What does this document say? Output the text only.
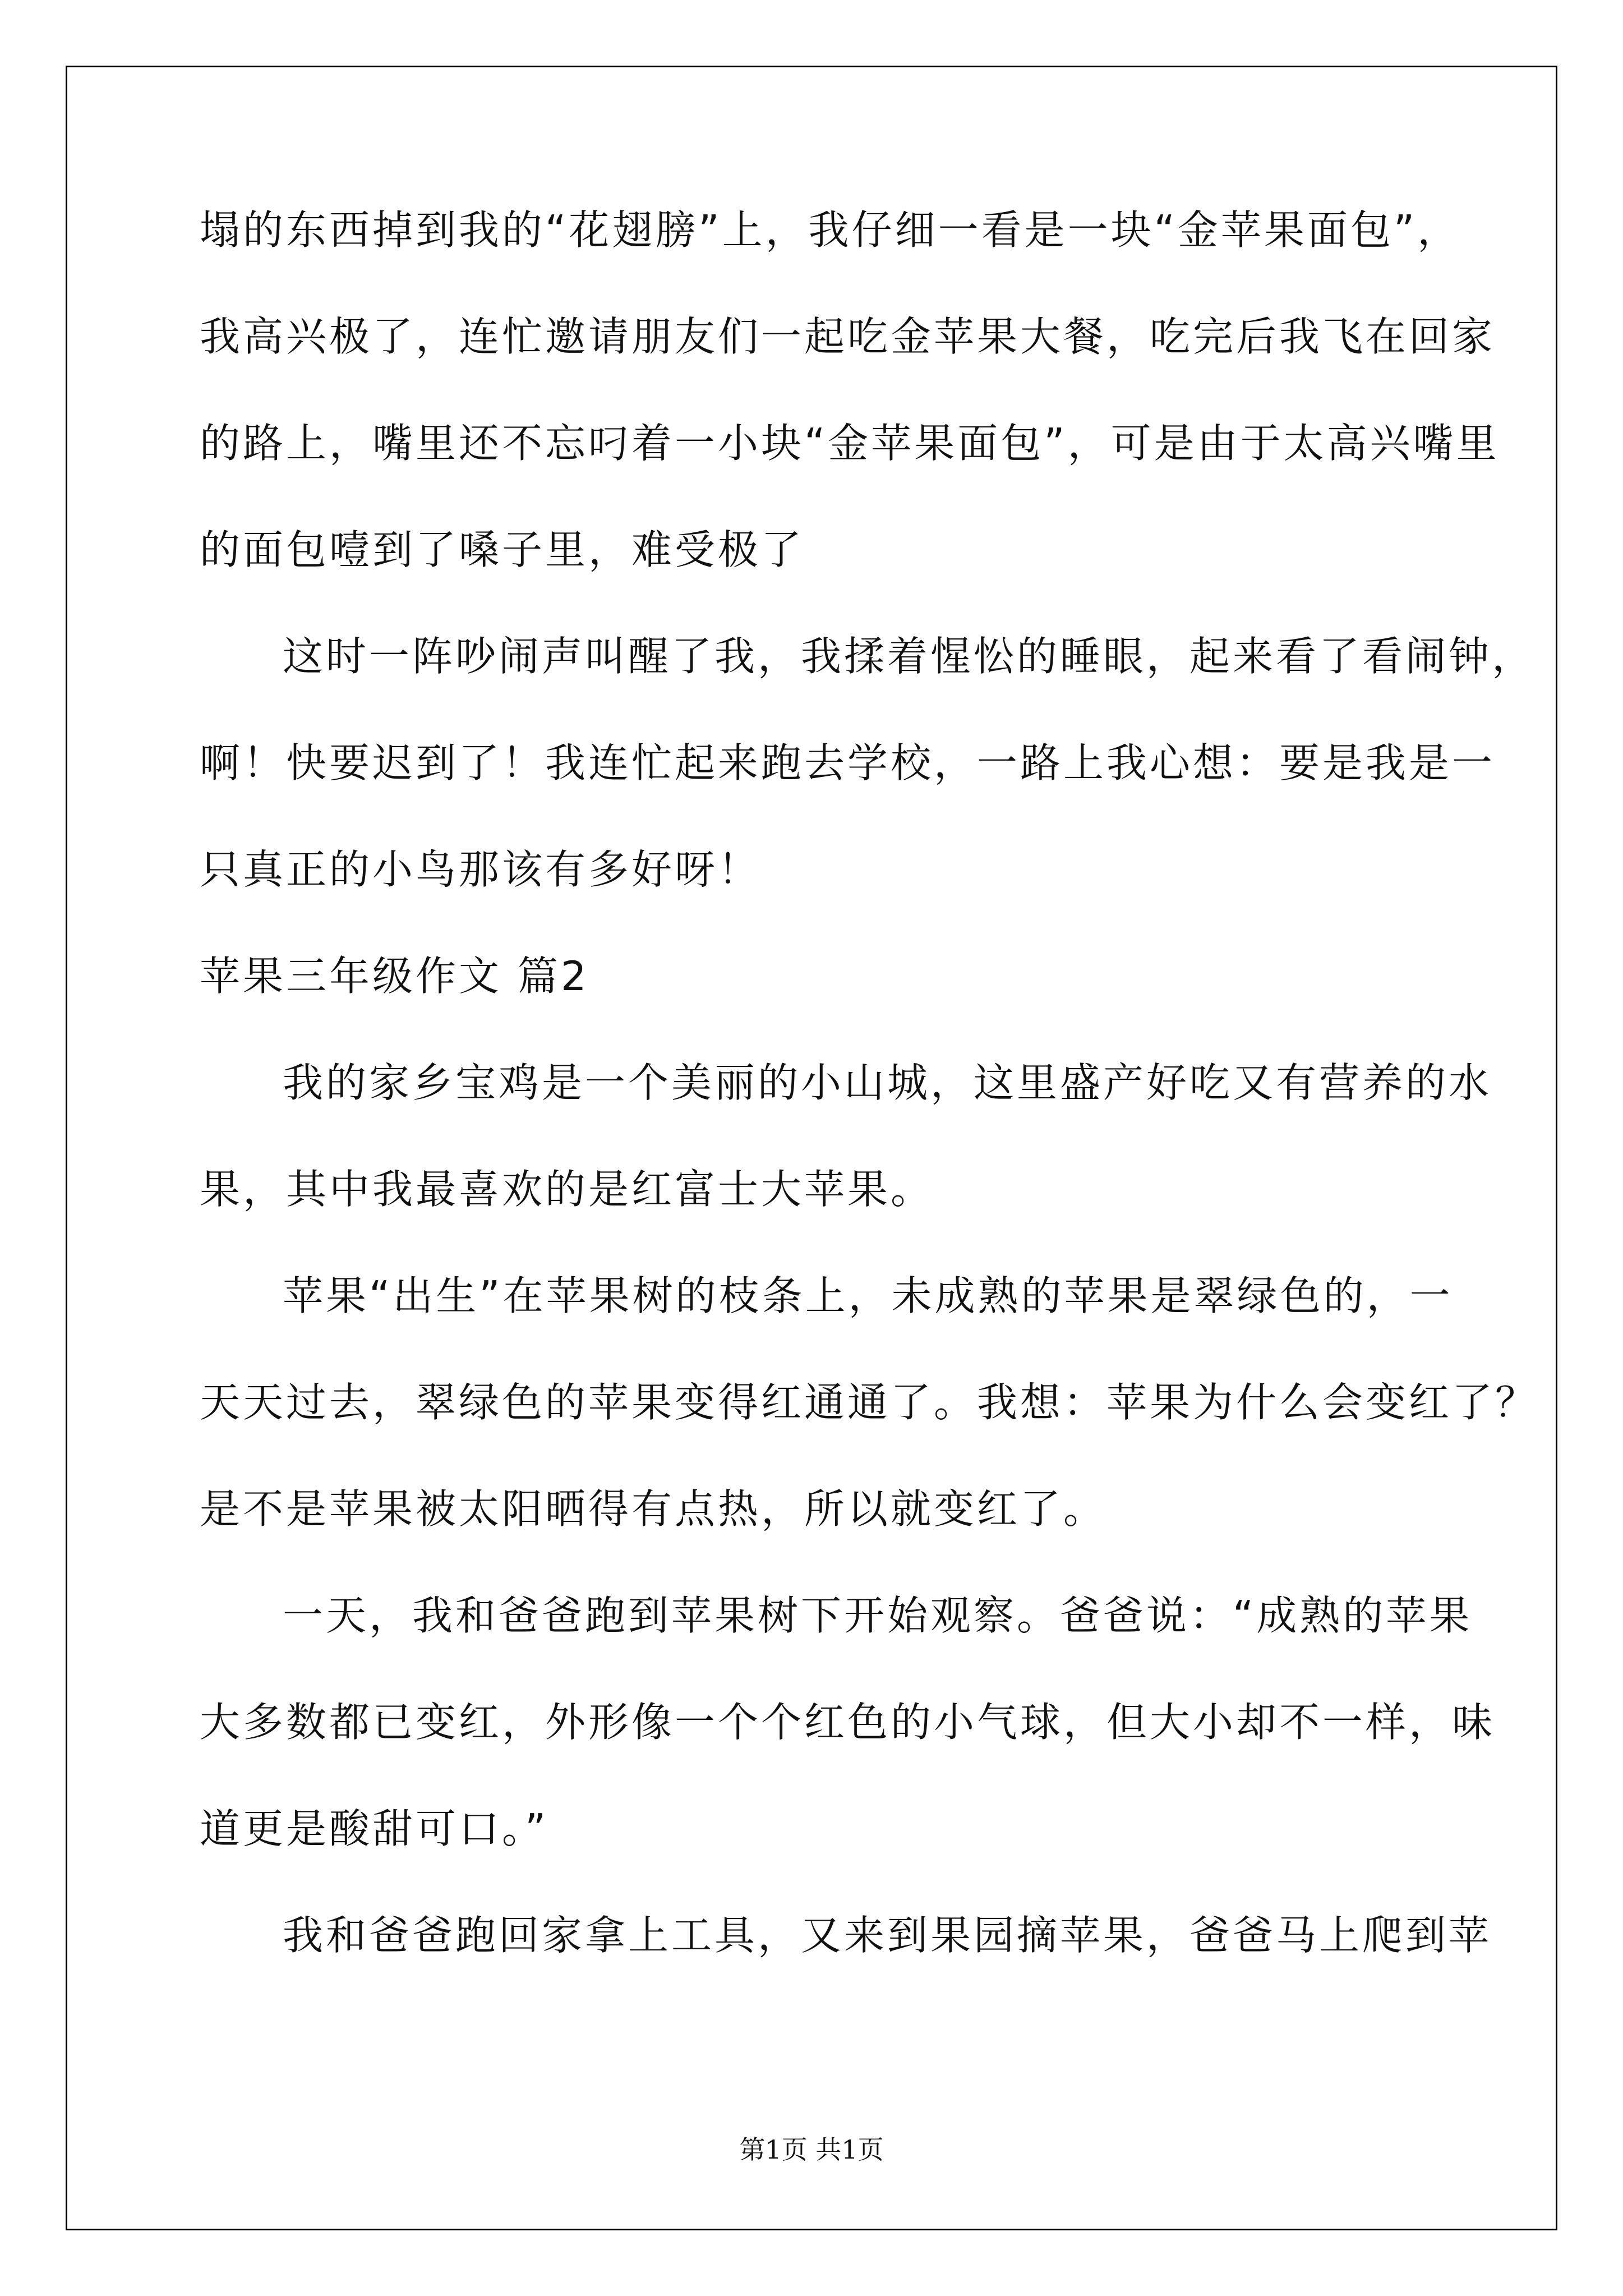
塌的东西掉到我的“花翅膀”上，我仔细一看是一块“金苹果面包”，
我高兴极了，连忙邀请朋友们一起吃金苹果大餐，吃完后我飞在回家
的路上，嘴里还不忘叼着一小块“金苹果面包”，可是由于太高兴嘴里
的面包噎到了嗓子里，难受极了
这时一阵吵闹声叫醒了我，我揉着惺忪的睡眼，起来看了看闹钟，
啊！快要迟到了！我连忙起来跑去学校，一路上我心想：要是我是一
只真正的小鸟那该有多好呀！
苹果三年级作文 篇2
我的家乡宝鸡是一个美丽的小山城，这里盛产好吃又有营养的水
果，其中我最喜欢的是红富士大苹果。
苹果“出生”在苹果树的枝条上，未成熟的苹果是翠绿色的，一
天天过去，翠绿色的苹果变得红通通了。我想：苹果为什么会变红了？
是不是苹果被太阳晒得有点热，所以就变红了。
一天，我和爸爸跑到苹果树下开始观察。爸爸说：“成熟的苹果
大多数都已变红，外形像一个个红色的小气球，但大小却不一样，味
道更是酸甜可口。”
我和爸爸跑回家拿上工具，又来到果园摘苹果，爸爸马上爬到苹
第1页 共1页
